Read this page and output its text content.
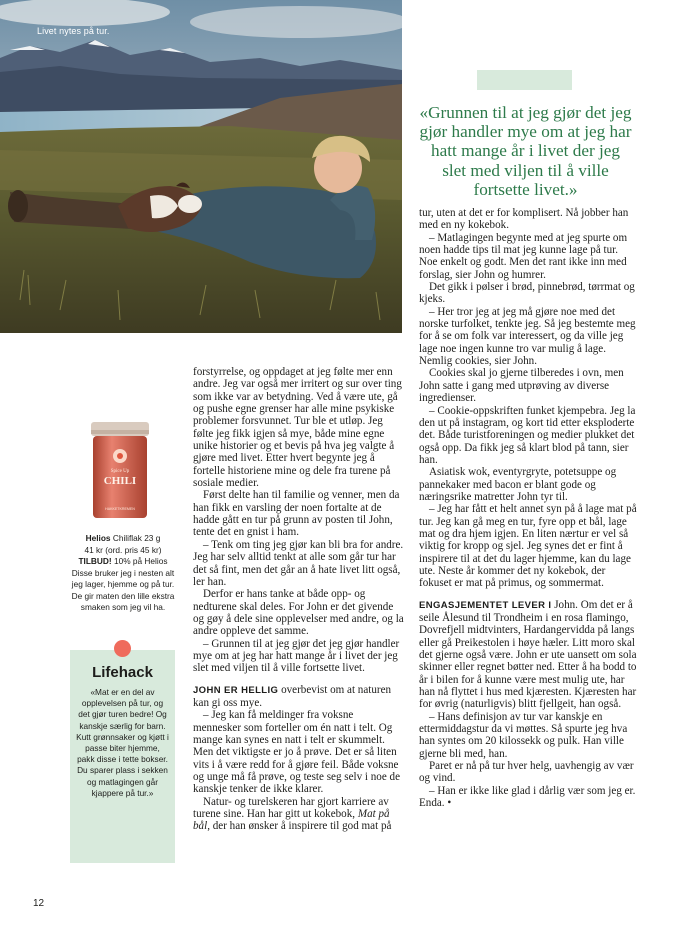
Livet nytes på tur.
«Grunnen til at jeg gjør det jeg gjør handler mye om at jeg har hatt mange år i livet der jeg slet med viljen til å ville fortsette livet.»
Spice Up
CHILI
HAKKETKREMEN
Helios Chiliflak 23 g
41 kr (ord. pris 45 kr)
TILBUD! 10% på Helios Disse bruker jeg i nesten alt jeg lager, hjemme og på tur. De gir maten den lille ekstra smaken som jeg vil ha.
Lifehack

«Mat er en del av opplevelsen på tur, og det gjør turen bedre! Og kanskje særlig for barn. Kutt grønnsaker og kjøtt i passe biter hjemme, pakk disse i tette bokser. Du sparer plass i sekken og matlagingen går kjappere på tur.»

forstyrrelse, og oppdaget at jeg følte mer enn andre. Jeg var også mer irritert og sur over ting som ikke var av betydning. Ved å være ute, gå og pushe egne grenser har alle mine psykiske problemer forsvunnet. Tur ble et utløp. Jeg følte jeg fikk igjen så mye, både mine egne unike historier og et bevis på hva jeg valgte å gjøre med livet. Etter hvert begynte jeg å fortelle historiene mine og dele fra turene på sosiale medier.

Først delte han til familie og venner, men da han fikk en varsling der noen fortalte at de hadde gått en tur på grunn av posten til John, tente det en gnist i ham.

– Tenk om ting jeg gjør kan bli bra for andre. Jeg har selv alltid tenkt at alle som går tur har det så fint, men det går an å hate livet litt også, ler han.

Derfor er hans tanke at både opp- og nedturene skal deles. For John er det givende og gøy å dele sine opplevelser med andre, og la andre oppleve det samme.

– Grunnen til at jeg gjør det jeg gjør handler mye om at jeg har hatt mange år i livet der jeg slet med viljen til å ville fortsette livet.

JOHN ER HELLIG overbevist om at naturen kan gi oss mye.

– Jeg kan få meldinger fra voksne mennesker som forteller om én natt i telt. Og mange kan synes en natt i telt er skummelt. Men det viktigste er jo å prøve. Det er så liten vits i å være redd for å gjøre feil. Både voksne og unge må få prøve, og teste seg selv i noe de kanskje tenker de ikke klarer.

Natur- og turelskeren har gjort karriere av turene sine. Han har gitt ut kokebok, Mat på bål, der han ønsker å inspirere til god mat på

tur, uten at det er for komplisert. Nå jobber han med en ny kokebok.

– Matlagingen begynte med at jeg spurte om noen hadde tips til mat jeg kunne lage på tur. Noe enkelt og godt. Men det rant ikke inn med forslag, sier John og humrer.

Det gikk i pølser i brød, pinnebrød, tørrmat og kjeks.

– Her tror jeg at jeg må gjøre noe med det norske turfolket, tenkte jeg. Så jeg bestemte meg for å se om folk var interessert, og da ville jeg lage noe ingen kunne tro var mulig å lage. Nemlig cookies, sier John.

Cookies skal jo gjerne tilberedes i ovn, men John satte i gang med utprøving av diverse ingredienser.

– Cookie-oppskriften funket kjempebra. Jeg la den ut på instagram, og kort tid etter eksploderte det. Både turistforeningen og medier plukket det også opp. Da fikk jeg så klart blod på tann, sier han.

Asiatisk wok, eventyrgryte, potetsuppe og pannekaker med bacon er blant gode og næringsrike matretter John tyr til.

– Jeg har fått et helt annet syn på å lage mat på tur. Jeg kan gå meg en tur, fyre opp et bål, lage mat og dra hjem igjen. En liten nærtur er vel så viktig for kropp og sjel. Jeg synes det er fint å inspirere til at det du lager hjemme, kan du lage ute. Neste år kommer det ny kokebok, der fokuset er mat på primus, og sommermat.

ENGASJEMENTET LEVER I John. Om det er å seile Ålesund til Trondheim i en rosa flamingo, Dovrefjell midtvinters, Hardangervidda på langs eller gå Preikestolen i høye hæler. Litt moro skal det gjerne også være. John er ute uansett om sola skinner eller regnet bøtter ned. Etter å ha bodd to år i bilen for å kunne være mest mulig ute, har han nå flyttet i hus med kjæresten. Kjæresten har for øvrig (naturligvis) blitt fjellgeit, han også.

– Hans definisjon av tur var kanskje en ettermiddagstur da vi møttes. Så spurte jeg hva han syntes om 20 kilossekk og pulk. Han ville gjerne bli med, han.

Paret er nå på tur hver helg, uavhengig av vær og vind.

– Han er ikke like glad i dårlig vær som jeg er. Enda. •

12
